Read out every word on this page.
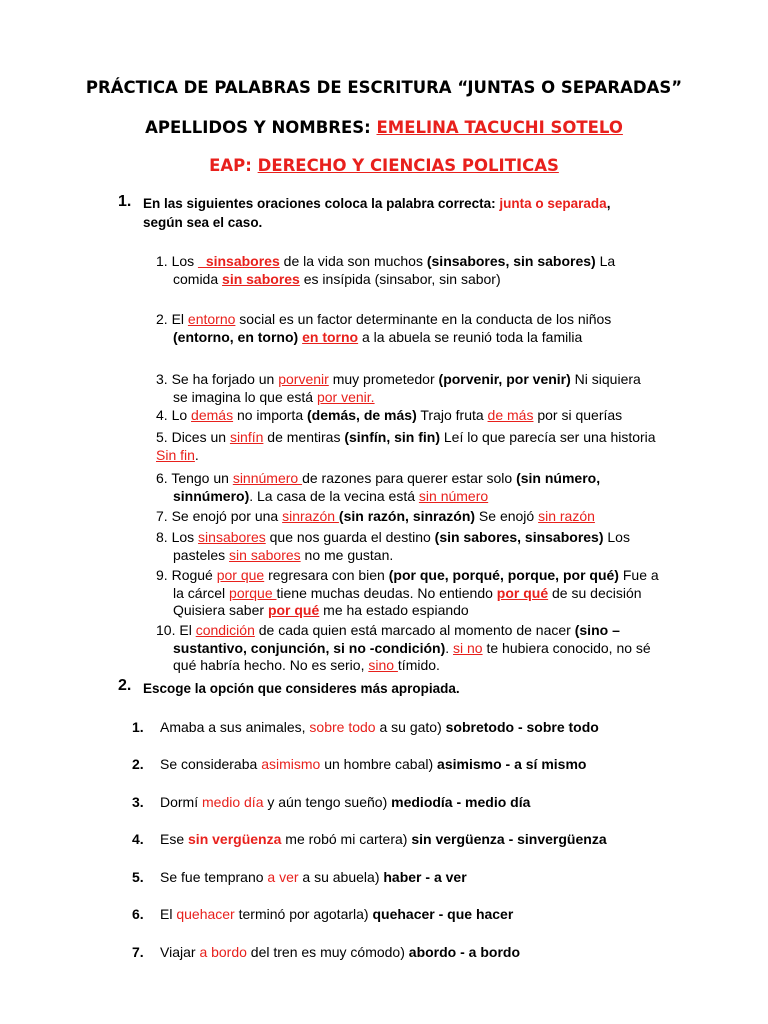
PRÁCTICA DE PALABRAS DE ESCRITURA “JUNTAS O SEPARADAS”
APELLIDOS Y NOMBRES: EMELINA TACUCHI SOTELO
EAP: DERECHO Y CIENCIAS POLITICAS
1. En las siguientes oraciones coloca la palabra correcta: junta o separada,
según sea el caso.
1. Los _sinsabores de la vida son muchos (sinsabores, sin sabores) La
comida sin sabores es insípida (sinsabor, sin sabor)
2. El entorno social es un factor determinante en la conducta de los niños
(entorno, en torno) en torno a la abuela se reunió toda la familia
3. Se ha forjado un porvenir muy prometedor (porvenir, por venir) Ni siquiera
se imagina lo que está por venir.
4. Lo demás no importa (demás, de más) Trajo fruta de más por si querías
5. Dices un sinfín de mentiras (sinfín, sin fin) Leí lo que parecía ser una historia
Sin fin.
6. Tengo un sinnúmero de razones para querer estar solo (sin número,
sinnúmero). La casa de la vecina está sin número
7. Se enojó por una sinrazón (sin razón, sinrazón) Se enojó sin razón
8. Los sinsabores que nos guarda el destino (sin sabores, sinsabores) Los
pasteles sin sabores no me gustan.
9. Rogué por que regresara con bien (por que, porqué, porque, por qué) Fue a
la cárcel porque tiene muchas deudas. No entiendo por qué de su decisión
Quisiera saber por qué me ha estado espiando
10. El condición de cada quien está marcado al momento de nacer (sino –
sustantivo, conjunción, si no -condición). si no te hubiera conocido, no sé
qué habría hecho. No es serio, sino tímido.
2. Escoge la opción que consideres más apropiada.
1. Amaba a sus animales, sobre todo a su gato) sobretodo - sobre todo
2. Se consideraba asimismo un hombre cabal) asimismo - a sí mismo
3. Dormí medio día y aún tengo sueño) mediodía - medio día
4. Ese sin vergüenza me robó mi cartera) sin vergüenza - sinvergüenza
5. Se fue temprano a ver a su abuela) haber - a ver
6. El quehacer terminó por agotarla) quehacer - que hacer
7. Viajar a bordo del tren es muy cómodo) abordo - a bordo
